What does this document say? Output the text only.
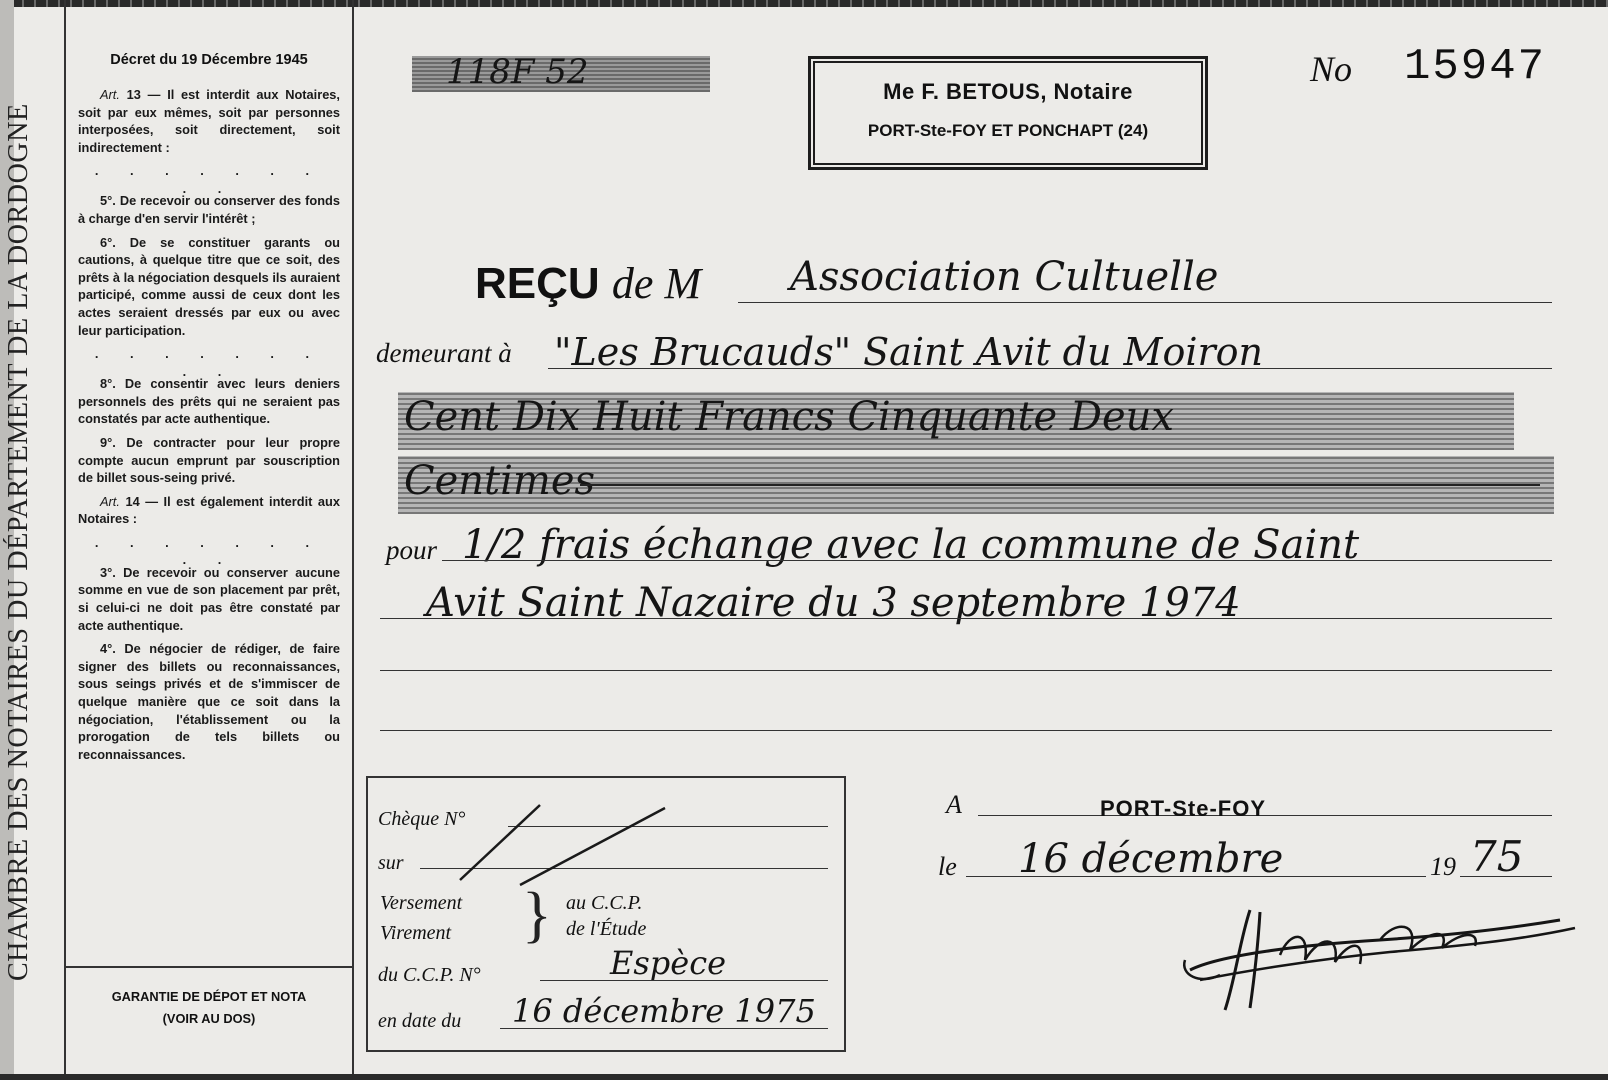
CHAMBRE DES NOTAIRES DU DÉPARTEMENT DE LA DORDOGNE
Décret du 19 Décembre 1945

Art. 13 — Il est interdit aux Notaires, soit par eux mêmes, soit par personnes interposées, soit directement, soit indirectement :

. . . . . . . . .

5°. De recevoir ou conserver des fonds à charge d'en servir l'intérêt ;

6°. De se constituer garants ou cautions, à quelque titre que ce soit, des prêts à la négociation desquels ils auraient participé, comme aussi de ceux dont les actes seraient dressés par eux ou avec leur participation.

. . . . . . . . .

8°. De consentir avec leurs deniers personnels des prêts qui ne seraient pas constatés par acte authentique.

9°. De contracter pour leur propre compte aucun emprunt par souscription de billet sous-seing privé.

Art. 14 — Il est également interdit aux Notaires :

. . . . . . . . .

3°. De recevoir ou conserver aucune somme en vue de son placement par prêt, si celui-ci ne doit pas être constaté par acte authentique.

4°. De négocier de rédiger, de faire signer des billets ou reconnaissances, sous seings privés et de s'immiscer de quelque manière que ce soit dans la négociation, l'établissement ou la prorogation de tels billets ou reconnaissances.

GARANTIE DE DÉPOT ET NOTA
(VOIR AU DOS)
118F 52	Me F. BETOUS, Notaire
PORT-Ste-FOY ET PONCHAPT (24)
No 15947
REÇU de M Association Cultuelle
demeurant à "Les Brucauds" Saint Avit du Moiron
Cent Dix Huit Francs Cinquante Deux
Centimes
pour 1/2 frais échange avec la commune de Saint
Avit Saint Nazaire du 3 septembre 1974
Chèque N°
sur
Versement
Virement } au C.C.P.
de l'Étude
du C.C.P. N°	Espèce
en date du 16 décembre 1975
A	PORT-Ste-FOY
le 16 décembre	19 75
